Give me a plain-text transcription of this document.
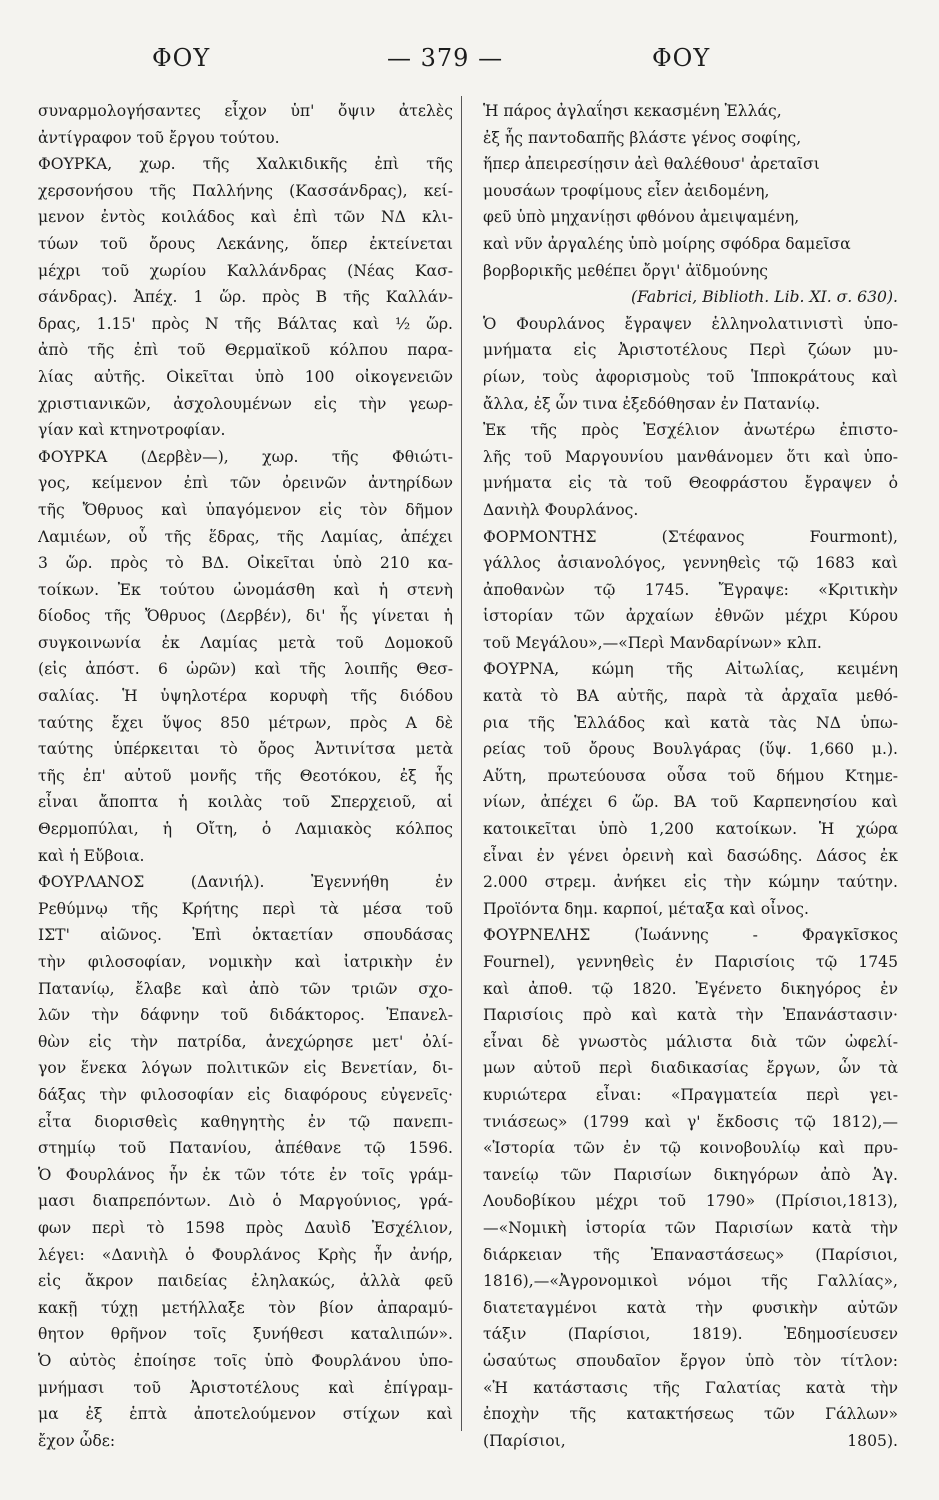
ΦΟΥ	— 379 —	ΦΟΥ
συναρμολογήσαντες εἶχον ὑπ' ὄψιν ἀτελὲς
ἀντίγραφον τοῦ ἔργου τούτου.
ΦΟΥΡΚΑ, χωρ. τῆς Χαλκιδικῆς ἐπὶ τῆς
χερσονήσου τῆς Παλλήνης (Κασσάνδρας), κεί-
μενον ἐντὸς κοιλάδος καὶ ἐπὶ τῶν ΝΔ κλι-
τύων τοῦ ὄρους Λεκάνης, ὅπερ ἐκτείνεται
μέχρι τοῦ χωρίου Καλλάνδρας (Νέας Κασ-
σάνδρας). Ἀπέχ. 1 ὥρ. πρὸς Β τῆς Καλλάν-
δρας, 1.15' πρὸς Ν τῆς Βάλτας καὶ ½ ὥρ.
ἀπὸ τῆς ἐπὶ τοῦ Θερμαϊκοῦ κόλπου παρα-
λίας αὐτῆς. Οἰκεῖται ὑπὸ 100 οἰκογενειῶν
χριστιανικῶν, ἀσχολουμένων εἰς τὴν γεωρ-
γίαν καὶ κτηνοτροφίαν.
ΦΟΥΡΚΑ (Δερβὲν—), χωρ. τῆς Φθιώτι-
γος, κείμενον ἐπὶ τῶν ὀρεινῶν ἀντηρίδων
τῆς Ὄθρυος καὶ ὑπαγόμενον εἰς τὸν δῆμον
Λαμιέων, οὗ τῆς ἕδρας, τῆς Λαμίας, ἀπέχει
3 ὥρ. πρὸς τὸ ΒΔ. Οἰκεῖται ὑπὸ 210 κα-
τοίκων. Ἐκ τούτου ὠνομάσθη καὶ ἡ στενὴ
δίοδος τῆς Ὄθρυος (Δερβέν), δι' ἧς γίνεται ἡ
συγκοινωνία ἐκ Λαμίας μετὰ τοῦ Δομοκοῦ
(εἰς ἀπόστ. 6 ὡρῶν) καὶ τῆς λοιπῆς Θεσ-
σαλίας. Ἡ ὑψηλοτέρα κορυφὴ τῆς διόδου
ταύτης ἔχει ὕψος 850 μέτρων, πρὸς Α δὲ
ταύτης ὑπέρκειται τὸ ὄρος Ἀντινίτσα μετὰ
τῆς ἐπ' αὐτοῦ μονῆς τῆς Θεοτόκου, ἐξ ἧς
εἶναι ἄποπτα ἡ κοιλὰς τοῦ Σπερχειοῦ, αἱ
Θερμοπύλαι, ἡ Οἴτη, ὁ Λαμιακὸς κόλπος
καὶ ἡ Εὔβοια.
ΦΟΥΡΛΑΝΟΣ (Δανιήλ). Ἐγεννήθη ἐν
Ρεθύμνῳ τῆς Κρήτης περὶ τὰ μέσα τοῦ
ΙΣΤ' αἰῶνος. Ἐπὶ ὀκταετίαν σπουδάσας
τὴν φιλοσοφίαν, νομικὴν καὶ ἰατρικὴν ἐν
Πατανίῳ, ἔλαβε καὶ ἀπὸ τῶν τριῶν σχο-
λῶν τὴν δάφνην τοῦ διδάκτορος. Ἐπανελ-
θὼν εἰς τὴν πατρίδα, ἀνεχώρησε μετ' ὀλί-
γον ἕνεκα λόγων πολιτικῶν εἰς Βενετίαν, δι-
δάξας τὴν φιλοσοφίαν εἰς διαφόρους εὐγενεῖς·
εἶτα διορισθεὶς καθηγητὴς ἐν τῷ πανεπι-
στημίῳ τοῦ Πατανίου, ἀπέθανε τῷ 1596.
Ὁ Φουρλάνος ἦν ἐκ τῶν τότε ἐν τοῖς γράμ-
μασι διαπρεπόντων. Διὸ ὁ Μαργούνιος, γρά-
φων περὶ τὸ 1598 πρὸς Δαυὶδ Ἐσχέλιον,
λέγει: «Δανιὴλ ὁ Φουρλάνος Κρὴς ἦν ἀνήρ,
εἰς ἄκρον παιδείας ἐληλακώς, ἀλλὰ φεῦ
κακῇ τύχῃ μετήλλαξε τὸν βίον ἀπαραμύ-
θητον θρῆνον τοῖς ξυνήθεσι καταλιπών».
Ὁ αὐτὸς ἐποίησε τοῖς ὑπὸ Φουρλάνου ὑπο-
μνήμασι τοῦ Ἀριστοτέλους καὶ ἐπίγραμ-
μα ἐξ ἑπτὰ ἀποτελούμενον στίχων καὶ
ἔχον ὧδε:
Ἡ πάρος ἀγλαΐησι κεκασμένη Ἑλλάς,
ἐξ ἧς παντοδαπῆς βλάστε γένος σοφίης,
ἥπερ ἀπειρεσίῃσιν ἀεὶ θαλέθουσ' ἀρεταῖσι
μουσάων τροφίμους εἶεν ἀειδομένη,
φεῦ ὑπὸ μηχανίῃσι φθόνου ἀμειψαμένη,
καὶ νῦν ἀργαλέης ὑπὸ μοίρης σφόδρα δαμεῖσα
βορβορικῆς μεθέπει ὄργι' ἀϊδμούνης
(Fabrici, Biblioth. Lib. XI. σ. 630).
Ὁ Φουρλάνος ἔγραψεν ἑλληνολατινιστὶ ὑπο-
μνήματα εἰς Ἀριστοτέλους Περὶ ζώων μυ-
ρίων, τοὺς ἀφορισμοὺς τοῦ Ἱπποκράτους καὶ
ἄλλα, ἐξ ὧν τινα ἐξεδόθησαν ἐν Πατανίῳ.
Ἐκ τῆς πρὸς Ἐσχέλιον ἀνωτέρω ἐπιστο-
λῆς τοῦ Μαργουνίου μανθάνομεν ὅτι καὶ ὑπο-
μνήματα εἰς τὰ τοῦ Θεοφράστου ἔγραψεν ὁ
Δανιὴλ Φουρλάνος.
ΦΟΡΜΟΝΤΗΣ (Στέφανος Fourmont),
γάλλος ἀσιανολόγος, γεννηθεὶς τῷ 1683 καὶ
ἀποθανὼν τῷ 1745. Ἔγραψε: «Κριτικὴν
ἱστορίαν τῶν ἀρχαίων ἐθνῶν μέχρι Κύρου
τοῦ Μεγάλου»,—«Περὶ Μανδαρίνων» κλπ.
ΦΟΥΡΝΑ, κώμη τῆς Αἰτωλίας, κειμένη
κατὰ τὸ ΒΑ αὐτῆς, παρὰ τὰ ἀρχαῖα μεθό-
ρια τῆς Ἑλλάδος καὶ κατὰ τὰς ΝΔ ὑπω-
ρείας τοῦ ὄρους Βουλγάρας (ὕψ. 1,660 μ.).
Αὕτη, πρωτεύουσα οὖσα τοῦ δήμου Κτημε-
νίων, ἀπέχει 6 ὥρ. ΒΑ τοῦ Καρπενησίου καὶ
κατοικεῖται ὑπὸ 1,200 κατοίκων. Ἡ χώρα
εἶναι ἐν γένει ὀρεινὴ καὶ δασώδης. Δάσος ἐκ
2.000 στρεμ. ἀνήκει εἰς τὴν κώμην ταύτην.
Προϊόντα δημ. καρποί, μέταξα καὶ οἶνος.
ΦΟΥΡΝΕΛΗΣ (Ἰωάννης - Φραγκῖσκος
Fournel), γεννηθεὶς ἐν Παρισίοις τῷ 1745
καὶ ἀποθ. τῷ 1820. Ἐγένετο δικηγόρος ἐν
Παρισίοις πρὸ καὶ κατὰ τὴν Ἐπανάστασιν·
εἶναι δὲ γνωστὸς μάλιστα διὰ τῶν ὠφελί-
μων αὐτοῦ περὶ διαδικασίας ἔργων, ὧν τὰ
κυριώτερα εἶναι: «Πραγματεία περὶ γει-
τνιάσεως» (1799 καὶ γ' ἔκδοσις τῷ 1812),—
«Ἱστορία τῶν ἐν τῷ κοινοβουλίῳ καὶ πρυ-
τανείῳ τῶν Παρισίων δικηγόρων ἀπὸ Ἁγ.
Λουδοβίκου μέχρι τοῦ 1790» (Πρίσιοι,1813),
—«Νομικὴ ἱστορία τῶν Παρισίων κατὰ τὴν
διάρκειαν τῆς Ἐπαναστάσεως» (Παρίσιοι,
1816),—«Ἀγρονομικοὶ νόμοι τῆς Γαλλίας»,
διατεταγμένοι κατὰ τὴν φυσικὴν αὐτῶν
τάξιν (Παρίσιοι, 1819). Ἐδημοσίευσεν
ὡσαύτως σπουδαῖον ἔργον ὑπὸ τὸν τίτλον:
«Ἡ κατάστασις τῆς Γαλατίας κατὰ τὴν
ἐποχὴν τῆς κατακτήσεως τῶν Γάλλων»
(Παρίσιοι, 1805).
